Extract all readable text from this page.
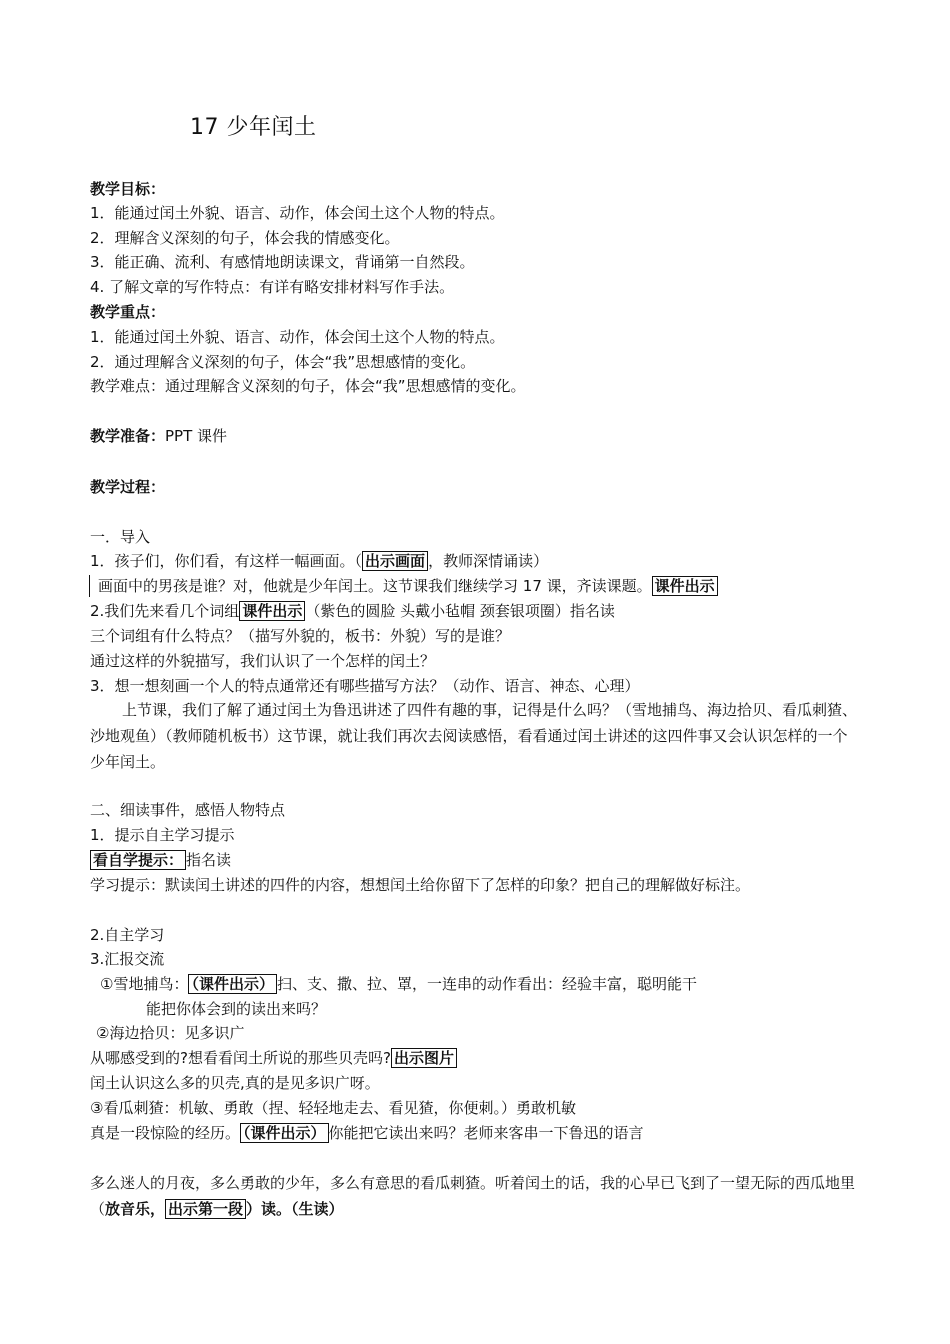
17 少年闰土
教学目标：
1．能通过闰土外貌、语言、动作，体会闰土这个人物的特点。
2．理解含义深刻的句子，体会我的情感变化。
3．能正确、流利、有感情地朗读课文，背诵第一自然段。
4. 了解文章的写作特点：有详有略安排材料写作手法。
教学重点：
1．能通过闰土外貌、语言、动作，体会闰土这个人物的特点。
2．通过理解含义深刻的句子，体会“我”思想感情的变化。
教学难点：通过理解含义深刻的句子，体会“我”思想感情的变化。
教学准备：PPT 课件
教学过程：
一．导入
1．孩子们，你们看，有这样一幅画面。（ 出示画面 ，教师深情诵读）
画面中的男孩是谁？对，他就是少年闰土。这节课我们继续学习 17 课，齐读课题。 课件出示
2.我们先来看几个词组 课件出示 （紫色的圆脸 头戴小毡帽 颈套银项圈）指名读
三个词组有什么特点？（描写外貌的，板书：外貌）写的是谁？
通过这样的外貌描写，我们认识了一个怎样的闰土？
3．想一想刻画一个人的特点通常还有哪些描写方法？（动作、语言、神态、心理）
上节课，我们了解了通过闰土为鲁迅讲述了四件有趣的事，记得是什么吗？（雪地捕鸟、海边拾贝、看瓜刺猹、沙地观鱼）（教师随机板书）这节课，就让我们再次去阅读感悟，看看通过闰土讲述的这四件事又会认识怎样的一个少年闰土。
二、细读事件，感悟人物特点
1．提示自主学习提示
看自学提示： 指名读
学习提示：默读闰土讲述的四件的内容，想想闰土给你留下了怎样的印象？把自己的理解做好标注。
2.自主学习
3.汇报交流
①雪地捕鸟： （课件出示） 扫、支、撒、拉、罩，一连串的动作看出：经验丰富，聪明能干
能把你体会到的读出来吗？
②海边拾贝：见多识广
从哪感受到的?想看看闰土所说的那些贝壳吗? 出示图片
闰土认识这么多的贝壳,真的是见多识广呀。
③看瓜刺猹：机敏、勇敢（捏、轻轻地走去、看见猹，你便刺。）勇敢机敏
真是一段惊险的经历。 （课件出示） 你能把它读出来吗？老师来客串一下鲁迅的语言
多么迷人的月夜，多么勇敢的少年，多么有意思的看瓜刺猹。听着闰土的话，我的心早已飞到了一望无际的西瓜地里（放音乐， 出示第一段 ）读。（生读）
